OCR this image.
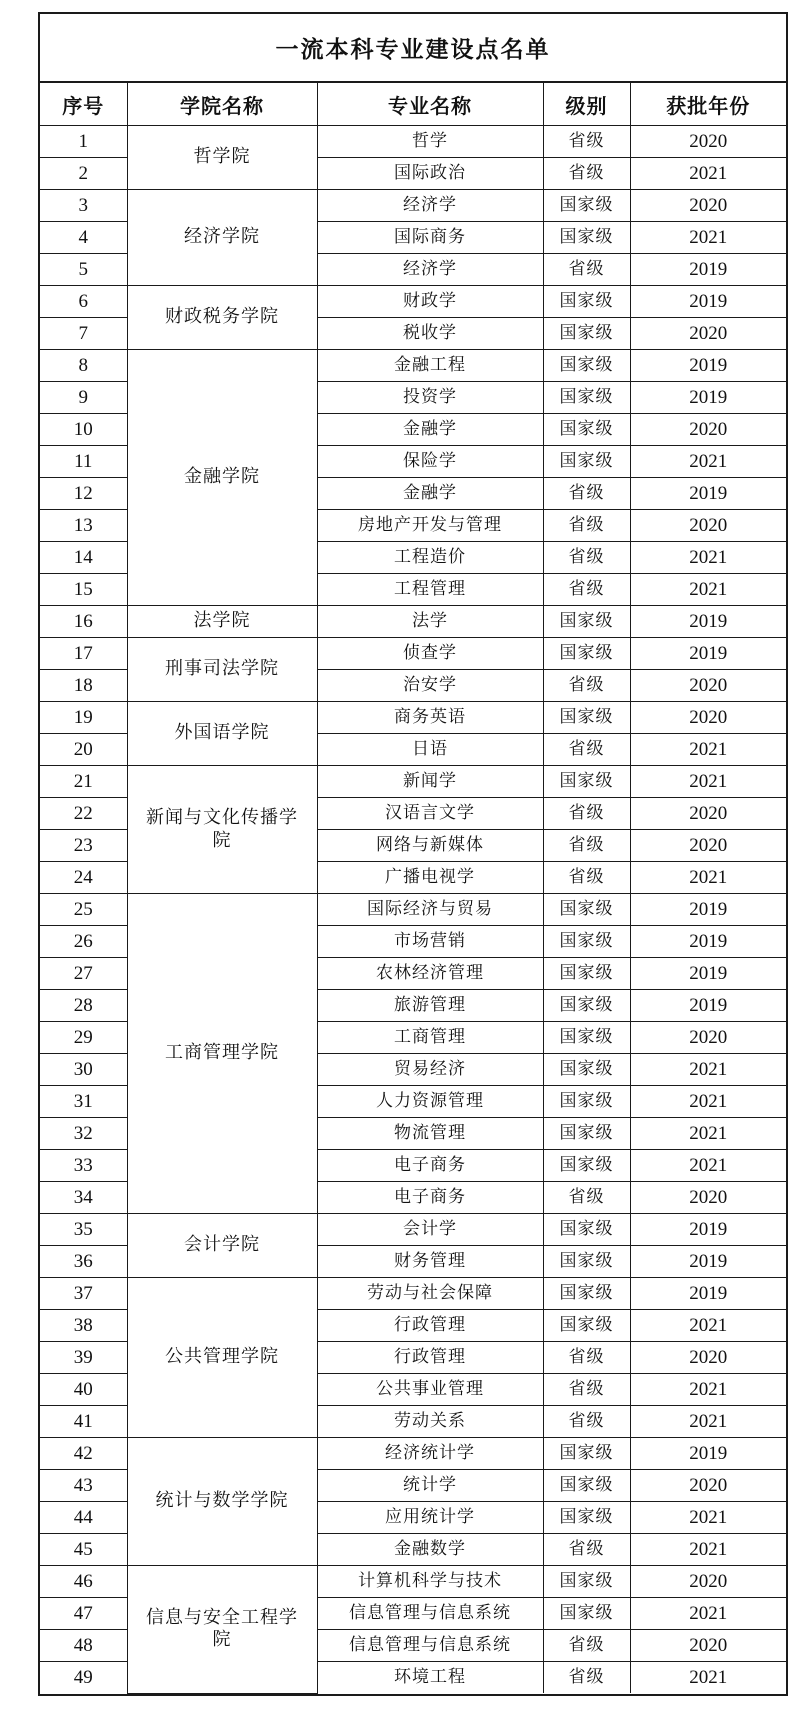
一流本科专业建设点名单
序号	学院名称	专业名称	级别	获批年份
1	哲学院	哲学	省级	2020
2		国际政治	省级	2021
3	经济学院	经济学	国家级	2020
4		国际商务	国家级	2021
5		经济学	省级	2019
6	财政税务学院	财政学	国家级	2019
7		税收学	国家级	2020
8	金融学院	金融工程	国家级	2019
9		投资学	国家级	2019
10		金融学	国家级	2020
11		保险学	国家级	2021
12		金融学	省级	2019
13		房地产开发与管理	省级	2020
14		工程造价	省级	2021
15		工程管理	省级	2021
16	法学院	法学	国家级	2019
17	刑事司法学院	侦查学	国家级	2019
18		治安学	省级	2020
19	外国语学院	商务英语	国家级	2020
20		日语	省级	2021
21	新闻与文化传播学院	新闻学	国家级	2021
22		汉语言文学	省级	2020
23		网络与新媒体	省级	2020
24		广播电视学	省级	2021
25	工商管理学院	国际经济与贸易	国家级	2019
26		市场营销	国家级	2019
27		农林经济管理	国家级	2019
28		旅游管理	国家级	2019
29		工商管理	国家级	2020
30		贸易经济	国家级	2021
31		人力资源管理	国家级	2021
32		物流管理	国家级	2021
33		电子商务	国家级	2021
34		电子商务	省级	2020
35	会计学院	会计学	国家级	2019
36		财务管理	国家级	2019
37	公共管理学院	劳动与社会保障	国家级	2019
38		行政管理	国家级	2021
39		行政管理	省级	2020
40		公共事业管理	省级	2021
41		劳动关系	省级	2021
42	统计与数学学院	经济统计学	国家级	2019
43		统计学	国家级	2020
44		应用统计学	国家级	2021
45		金融数学	省级	2021
46	信息与安全工程学院	计算机科学与技术	国家级	2020
47		信息管理与信息系统	国家级	2021
48		信息管理与信息系统	省级	2020
49		环境工程	省级	2021
